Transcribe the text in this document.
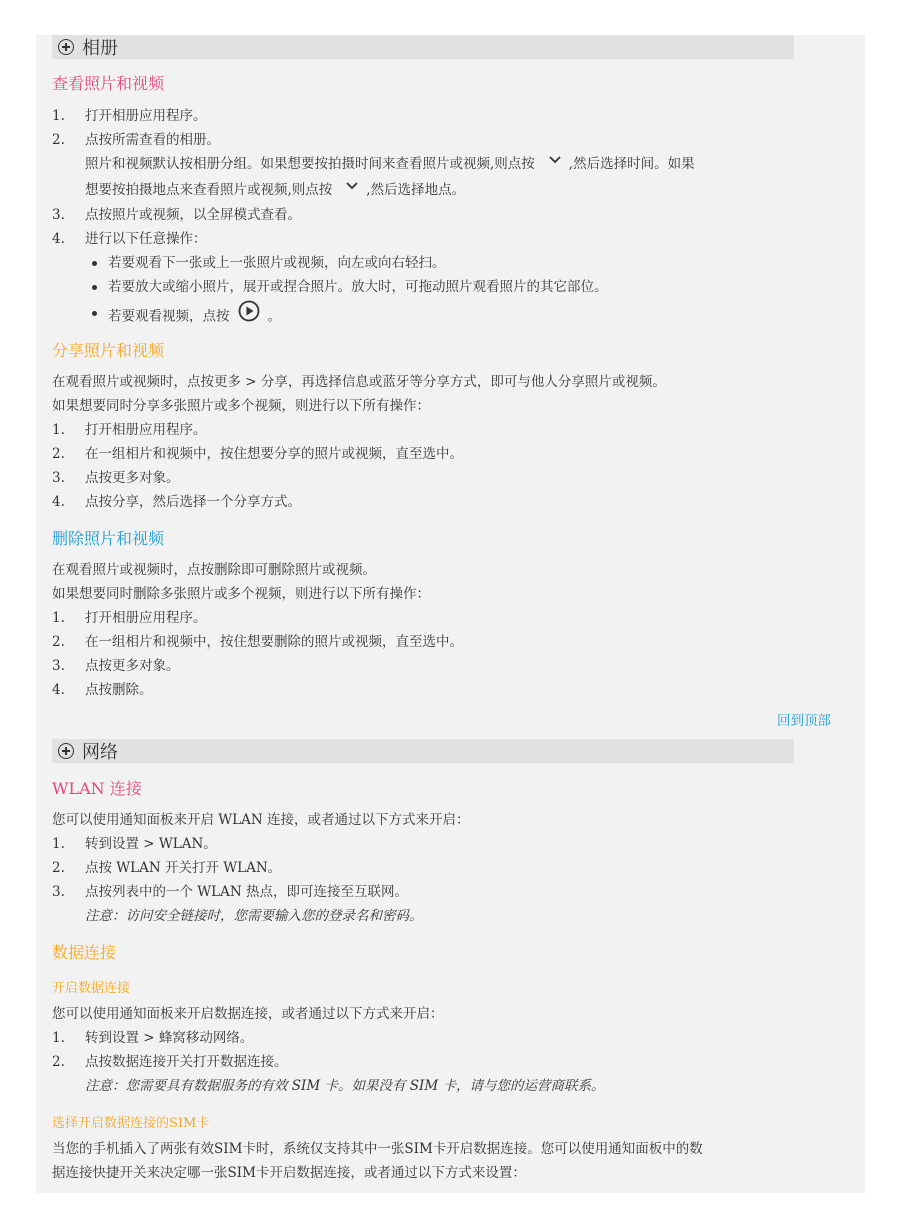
相册
查看照片和视频
1. 打开相册应用程序。
2. 点按所需查看的相册。
照片和视频默认按相册分组。如果想要按拍摄时间来查看照片或视频,则点按	,然后选择时间。如果
想要按拍摄地点来查看照片或视频,则点按	,然后选择地点。
3. 点按照片或视频，以全屏模式查看。
4. 进行以下任意操作：
若要观看下一张或上一张照片或视频，向左或向右轻扫。
若要放大或缩小照片，展开或捏合照片。放大时，可拖动照片观看照片的其它部位。
若要观看视频，点按	。
分享照片和视频
在观看照片或视频时，点按更多 > 分享，再选择信息或蓝牙等分享方式，即可与他人分享照片或视频。
如果想要同时分享多张照片或多个视频，则进行以下所有操作：
1. 打开相册应用程序。
2. 在一组相片和视频中，按住想要分享的照片或视频，直至选中。
3. 点按更多对象。
4. 点按分享，然后选择一个分享方式。
删除照片和视频
在观看照片或视频时，点按删除即可删除照片或视频。
如果想要同时删除多张照片或多个视频，则进行以下所有操作：
1. 打开相册应用程序。
2. 在一组相片和视频中，按住想要删除的照片或视频，直至选中。
3. 点按更多对象。
4. 点按删除。
回到顶部
网络
WLAN 连接
您可以使用通知面板来开启 WLAN 连接，或者通过以下方式来开启：
1. 转到设置 > WLAN。
2. 点按 WLAN 开关打开 WLAN。
3. 点按列表中的一个 WLAN 热点，即可连接至互联网。
注意：访问安全链接时，您需要输入您的登录名和密码。
数据连接
开启数据连接
您可以使用通知面板来开启数据连接，或者通过以下方式来开启：
1. 转到设置 > 蜂窝移动网络。
2. 点按数据连接开关打开数据连接。
注意：您需要具有数据服务的有效 SIM 卡。如果没有 SIM 卡，请与您的运营商联系。
选择开启数据连接的SIM卡
当您的手机插入了两张有效SIM卡时，系统仅支持其中一张SIM卡开启数据连接。您可以使用通知面板中的数
据连接快捷开关来决定哪一张SIM卡开启数据连接，或者通过以下方式来设置：
